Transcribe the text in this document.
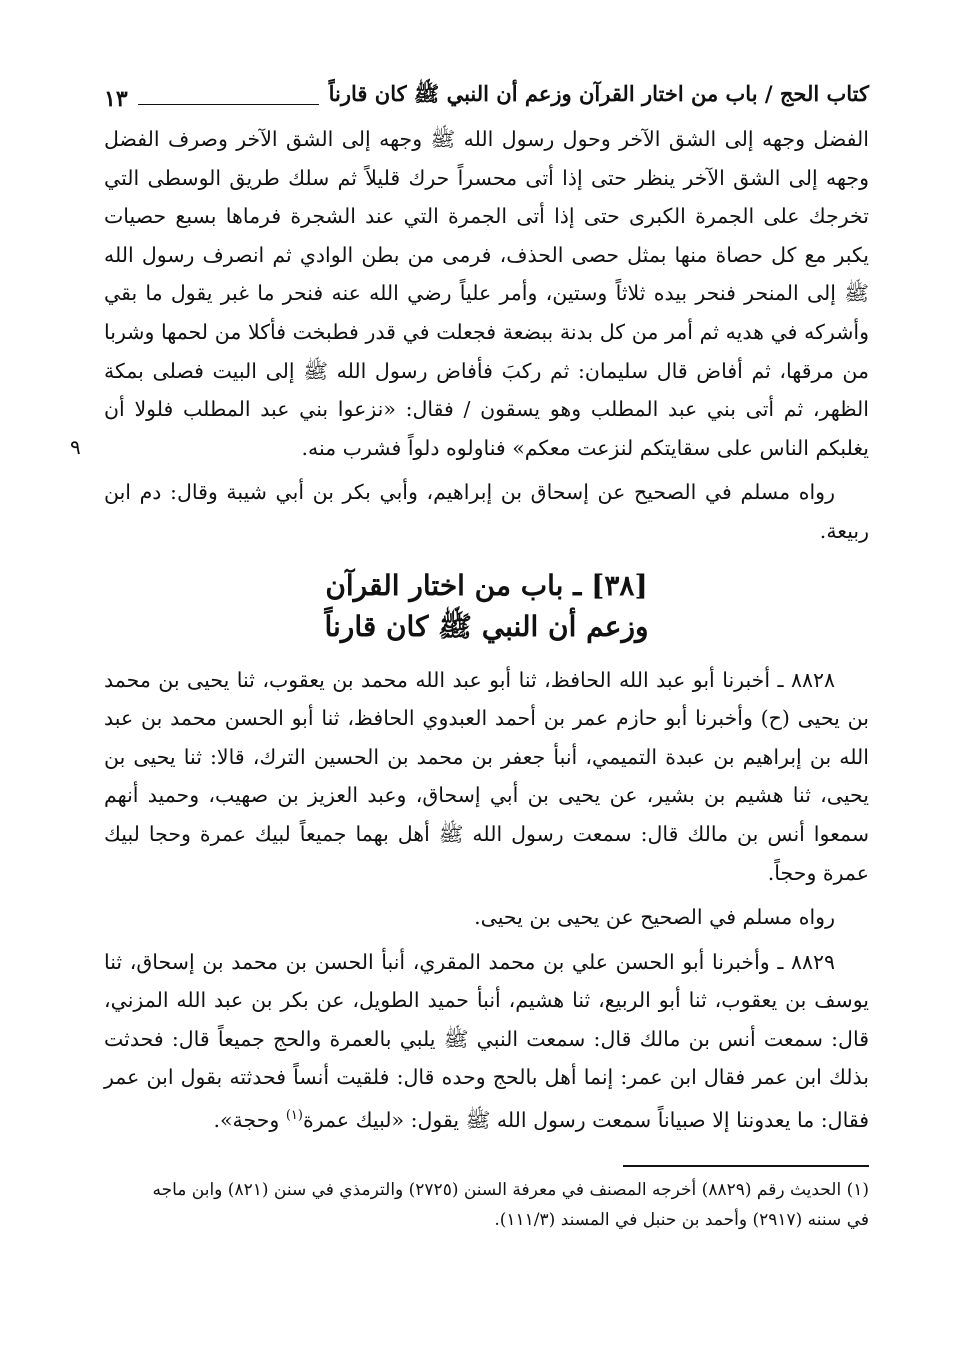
كتاب الحج / باب من اختار القرآن وزعم أن النبي ﷺ كان قارناً
١٣

الفضل وجهه إلى الشق الآخر وحول رسول الله ﷺ وجهه إلى الشق الآخر وصرف الفضل وجهه إلى الشق الآخر ينظر حتى إذا أتى محسراً حرك قليلاً ثم سلك طريق الوسطى التي تخرجك على الجمرة الكبرى حتى إذا أتى الجمرة التي عند الشجرة فرماها بسبع حصيات يكبر مع كل حصاة منها بمثل حصى الحذف، فرمى من بطن الوادي ثم انصرف رسول الله ﷺ إلى المنحر فنحر بيده ثلاثاً وستين، وأمر علياً رضي الله عنه فنحر ما غبر يقول ما بقي وأشركه في هديه ثم أمر من كل بدنة ببضعة فجعلت في قدر فطبخت فأكلا من لحمها وشربا من مرقها، ثم أفاض قال سليمان: ثم ركبَ فأفاض رسول الله ﷺ إلى البيت فصلى بمكة الظهر، ثم أتى بني عبد المطلب وهو يسقون / فقال: «نزعوا بني عبد المطلب فلولا أن يغلبكم الناس على سقايتكم لنزعت معكم» فناولوه دلواً فشرب منه.
٩

رواه مسلم في الصحيح عن إسحاق بن إبراهيم، وأبي بكر بن أبي شيبة وقال: دم ابن ربيعة.

[٣٨] ـ باب من اختار القرآن
وزعم أن النبي ﷺ كان قارناً

٨٨٢٨ ـ أخبرنا أبو عبد الله الحافظ، ثنا أبو عبد الله محمد بن يعقوب، ثنا يحيى بن محمد بن يحيى (ح) وأخبرنا أبو حازم عمر بن أحمد العبدوي الحافظ، ثنا أبو الحسن محمد بن عبد الله بن إبراهيم بن عبدة التميمي، أنبأ جعفر بن محمد بن الحسين الترك، قالا: ثنا يحيى بن يحيى، ثنا هشيم بن بشير، عن يحيى بن أبي إسحاق، وعبد العزيز بن صهيب، وحميد أنهم سمعوا أنس بن مالك قال: سمعت رسول الله ﷺ أهل بهما جميعاً لبيك عمرة وحجا لبيك عمرة وحجاً.

رواه مسلم في الصحيح عن يحيى بن يحيى.

٨٨٢٩ ـ وأخبرنا أبو الحسن علي بن محمد المقري، أنبأ الحسن بن محمد بن إسحاق، ثنا يوسف بن يعقوب، ثنا أبو الربيع، ثنا هشيم، أنبأ حميد الطويل، عن بكر بن عبد الله المزني، قال: سمعت أنس بن مالك قال: سمعت النبي ﷺ يلبي بالعمرة والحج جميعاً قال: فحدثت بذلك ابن عمر فقال ابن عمر: إنما أهل بالحج وحده قال: فلقيت أنساً فحدثته بقول ابن عمر فقال: ما يعدوننا إلا صبياناً سمعت رسول الله ﷺ يقول: «لبيك عمرة$^{(١)}$ وحجة».

(١) الحديث رقم (٨٨٢٩) أخرجه المصنف في معرفة السنن (٢٧٢٥) والترمذي في سنن (٨٢١) وابن ماجه

في سننه (٢٩١٧) وأحمد بن حنبل في المسند (١١١/٣).
